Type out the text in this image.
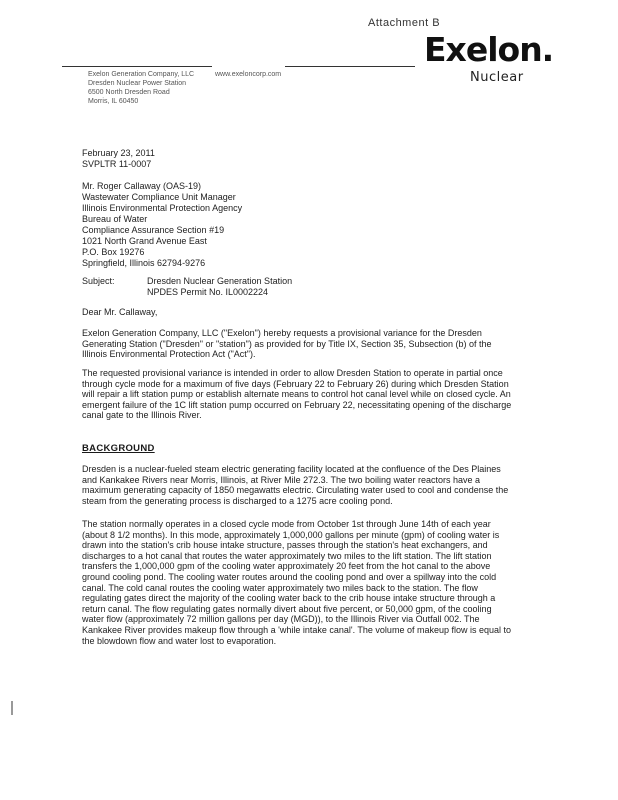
Attachment B
Exelon.
Nuclear
Exelon Generation Company, LLC
Dresden Nuclear Power Station
6500 North Dresden Road
Morris, IL 60450
www.exeloncorp.com
February 23, 2011
SVPLTR 11-0007
Mr. Roger Callaway (OAS-19)
Wastewater Compliance Unit Manager
Illinois Environmental Protection Agency
Bureau of Water
Compliance Assurance Section #19
1021 North Grand Avenue East
P.O. Box 19276
Springfield, Illinois 62794-9276
Subject:	Dresden Nuclear Generation Station
NPDES Permit No. IL0002224
Dear Mr. Callaway,
Exelon Generation Company, LLC ("Exelon") hereby requests a provisional variance for the Dresden Generating Station ("Dresden" or "station") as provided for by Title IX, Section 35, Subsection (b) of the Illinois Environmental Protection Act ("Act").
The requested provisional variance is intended in order to allow Dresden Station to operate in partial once through cycle mode for a maximum of five days (February 22 to February 26) during which Dresden Station will repair a lift station pump or establish alternate means to control hot canal level while on closed cycle. An emergent failure of the 1C lift station pump occurred on February 22, necessitating opening of the discharge canal gate to the Illinois River.
BACKGROUND
Dresden is a nuclear-fueled steam electric generating facility located at the confluence of the Des Plaines and Kankakee Rivers near Morris, Illinois, at River Mile 272.3. The two boiling water reactors have a maximum generating capacity of 1850 megawatts electric. Circulating water used to cool and condense the steam from the generating process is discharged to a 1275 acre cooling pond.
The station normally operates in a closed cycle mode from October 1st through June 14th of each year (about 8 1/2 months). In this mode, approximately 1,000,000 gallons per minute (gpm) of cooling water is drawn into the station's crib house intake structure, passes through the station's heat exchangers, and discharges to a hot canal that routes the water approximately two miles to the lift station. The lift station transfers the 1,000,000 gpm of the cooling water approximately 20 feet from the hot canal to the above ground cooling pond. The cooling water routes around the cooling pond and over a spillway into the cold canal. The cold canal routes the cooling water approximately two miles back to the station. The flow regulating gates direct the majority of the cooling water back to the crib house intake structure through a return canal. The flow regulating gates normally divert about five percent, or 50,000 gpm, of the cooling water flow (approximately 72 million gallons per day (MGD)), to the Illinois River via Outfall 002. The Kankakee River provides makeup flow through a 'while intake canal'. The volume of makeup flow is equal to the blowdown flow and water lost to evaporation.
